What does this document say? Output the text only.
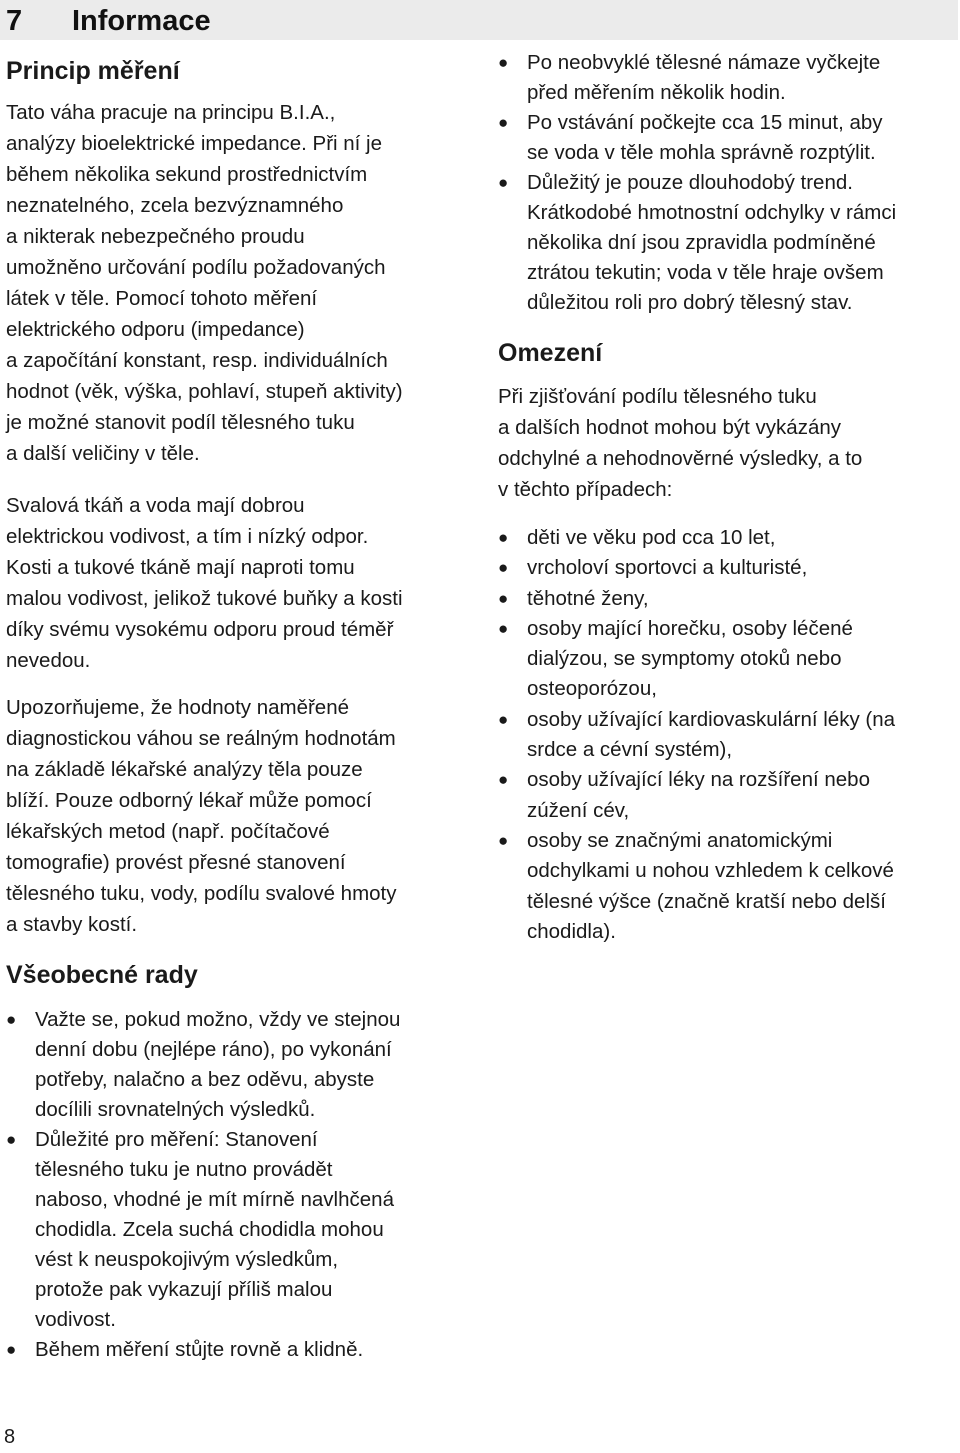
7 Informace
Princip měření

Tato váha pracuje na principu B.I.A.,
analýzy bioelektrické impedance. Při ní je
během několika sekund prostřednictvím
neznatelného, zcela bezvýznamného
a nikterak nebezpečného proudu
umožněno určování podílu požadovaných
látek v těle. Pomocí tohoto měření
elektrického odporu (impedance)
a započítání konstant, resp. individuálních
hodnot (věk, výška, pohlaví, stupeň aktivity)
je možné stanovit podíl tělesného tuku
a další veličiny v těle.

Svalová tkáň a voda mají dobrou
elektrickou vodivost, a tím i nízký odpor.
Kosti a tukové tkáně mají naproti tomu
malou vodivost, jelikož tukové buňky a kosti
díky svému vysokému odporu proud téměř
nevedou.

Upozorňujeme, že hodnoty naměřené
diagnostickou váhou se reálným hodnotám
na základě lékařské analýzy těla pouze
blíží. Pouze odborný lékař může pomocí
lékařských metod (např. počítačové
tomografie) provést přesné stanovení
tělesného tuku, vody, podílu svalové hmoty
a stavby kostí.

Všeobecné rady
● Važte se, pokud možno, vždy ve stejnou
denní dobu (nejlépe ráno), po vykonání
potřeby, nalačno a bez oděvu, abyste
docílili srovnatelných výsledků.
● Důležité pro měření: Stanovení
tělesného tuku je nutno provádět
naboso, vhodné je mít mírně navlhčená
chodidla. Zcela suchá chodidla mohou
vést k neuspokojivým výsledkům,
protože pak vykazují příliš malou
vodivost.
● Během měření stůjte rovně a klidně.
● Po neobvyklé tělesné námaze vyčkejte
před měřením několik hodin.
● Po vstávání počkejte cca 15 minut, aby
se voda v těle mohla správně rozptýlit.
● Důležitý je pouze dlouhodobý trend.
Krátkodobé hmotnostní odchylky v rámci
několika dní jsou zpravidla podmíněné
ztrátou tekutin; voda v těle hraje ovšem
důležitou roli pro dobrý tělesný stav.
Omezení

Při zjišťování podílu tělesného tuku
a dalších hodnot mohou být vykázány
odchylné a nehodnověrné výsledky, a to
v těchto případech:

● děti ve věku pod cca 10 let,
● vrcholoví sportovci a kulturisté,
● těhotné ženy,
● osoby mající horečku, osoby léčené
dialýzou, se symptomy otoků nebo
osteoporózou,
● osoby užívající kardiovaskulární léky (na
srdce a cévní systém),
● osoby užívající léky na rozšíření nebo
zúžení cév,
● osoby se značnými anatomickými
odchylkami u nohou vzhledem k celkové
tělesné výšce (značně kratší nebo delší
chodidla).
8
